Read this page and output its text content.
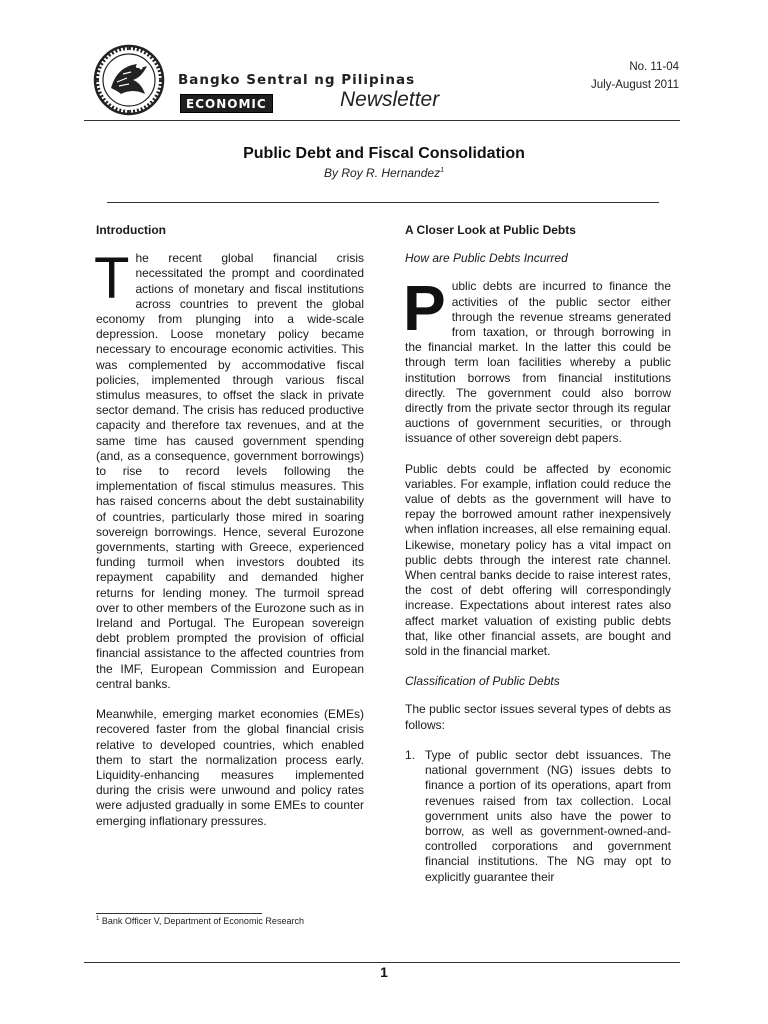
Bangko Sentral ng Pilipinas
ECONOMIC	Newsletter
No. 11-04
July-August 2011
Public Debt and Fiscal Consolidation
By Roy R. Hernandez$^1$
Introduction
The recent global financial crisis necessitated the prompt and coordinated actions of monetary and fiscal institutions across countries to prevent the global economy from plunging into a wide-scale depression. Loose monetary policy became necessary to encourage economic activities. This was complemented by accommodative fiscal policies, implemented through various fiscal stimulus measures, to offset the slack in private sector demand. The crisis has reduced productive capacity and therefore tax revenues, and at the same time has caused government spending (and, as a consequence, government borrowings) to rise to record levels following the implementation of fiscal stimulus measures. This has raised concerns about the debt sustainability of countries, particularly those mired in soaring sovereign borrowings. Hence, several Eurozone governments, starting with Greece, experienced funding turmoil when investors doubted its repayment capability and demanded higher returns for lending money. The turmoil spread over to other members of the Eurozone such as in Ireland and Portugal. The European sovereign debt problem prompted the provision of official financial assistance to the affected countries from the IMF, European Commission and European central banks.
Meanwhile, emerging market economies (EMEs) recovered faster from the global financial crisis relative to developed countries, which enabled them to start the normalization process early. Liquidity-enhancing measures implemented during the crisis were unwound and policy rates were adjusted gradually in some EMEs to counter emerging inflationary pressures.
A Closer Look at Public Debts
How are Public Debts Incurred
Public debts are incurred to finance the activities of the public sector either through the revenue streams generated from taxation, or through borrowing in the financial market. In the latter this could be through term loan facilities whereby a public institution borrows from financial institutions directly. The government could also borrow directly from the private sector through its regular auctions of government securities, or through issuance of other sovereign debt papers.
Public debts could be affected by economic variables. For example, inflation could reduce the value of debts as the government will have to repay the borrowed amount rather inexpensively when inflation increases, all else remaining equal. Likewise, monetary policy has a vital impact on public debts through the interest rate channel. When central banks decide to raise interest rates, the cost of debt offering will correspondingly increase. Expectations about interest rates also affect market valuation of existing public debts that, like other financial assets, are bought and sold in the financial market.
Classification of Public Debts
The public sector issues several types of debts as follows:
1. Type of public sector debt issuances. The national government (NG) issues debts to finance a portion of its operations, apart from revenues raised from tax collection. Local government units also have the power to borrow, as well as government-owned-and-controlled corporations and government financial institutions. The NG may opt to explicitly guarantee their
$^1$ Bank Officer V, Department of Economic Research
1
